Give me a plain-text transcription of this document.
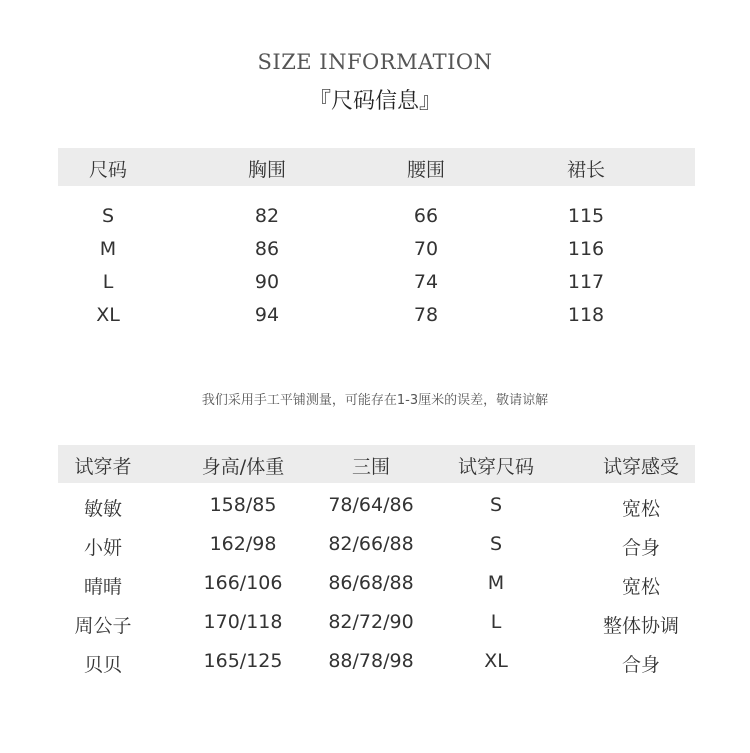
SIZE INFORMATION
『尺码信息』
尺码	胸围	腰围	裙长
S	82	66	115
M	86	70	116
L	90	74	117
XL	94	78	118
我们采用手工平铺测量，可能存在1-3厘米的误差，敬请谅解
试穿者	身高/体重	三围	试穿尺码	试穿感受
敏敏	158/85	78/64/86	S	宽松
小妍	162/98	82/66/88	S	合身
晴晴	166/106	86/68/88	M	宽松
周公子	170/118	82/72/90	L	整体协调
贝贝	165/125	88/78/98	XL	合身
